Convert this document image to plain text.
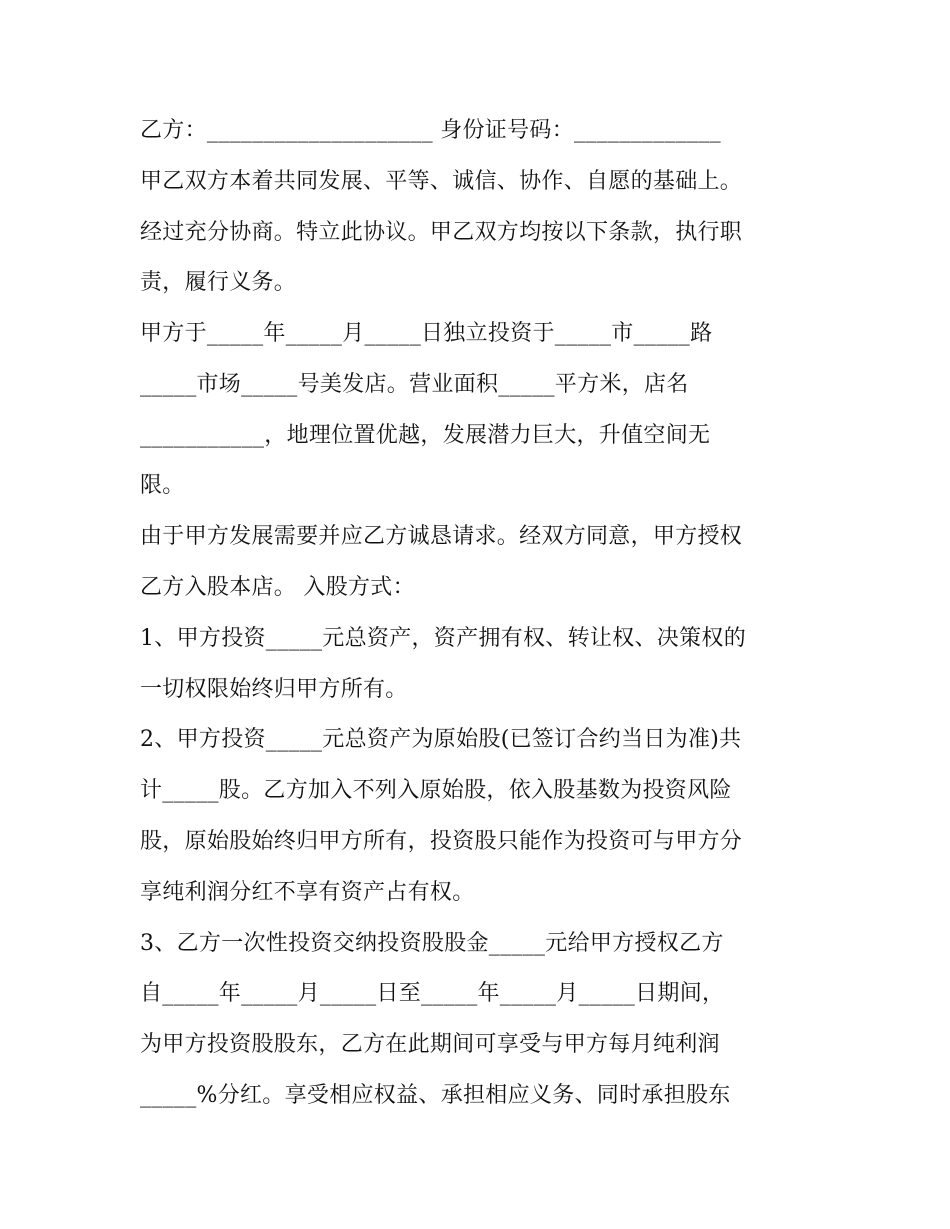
乙方：____________________ 身份证号码：_____________
甲乙双方本着共同发展、平等、诚信、协作、自愿的基础上。
经过充分协商。特立此协议。甲乙双方均按以下条款，执行职
责，履行义务。
甲方于_____年_____月_____日独立投资于_____市_____路
_____市场_____号美发店。营业面积_____平方米，店名
___________，地理位置优越，发展潜力巨大，升值空间无
限。
由于甲方发展需要并应乙方诚恳请求。经双方同意，甲方授权
乙方入股本店。 入股方式：
1、甲方投资_____元总资产，资产拥有权、转让权、决策权的
一切权限始终归甲方所有。
2、甲方投资_____元总资产为原始股(已签订合约当日为准)共
计_____股。乙方加入不列入原始股，依入股基数为投资风险
股，原始股始终归甲方所有，投资股只能作为投资可与甲方分
享纯利润分红不享有资产占有权。
3、乙方一次性投资交纳投资股股金_____元给甲方授权乙方
自_____年_____月_____日至_____年_____月_____日期间，
为甲方投资股股东，乙方在此期间可享受与甲方每月纯利润
_____%分红。享受相应权益、承担相应义务、同时承担股东
